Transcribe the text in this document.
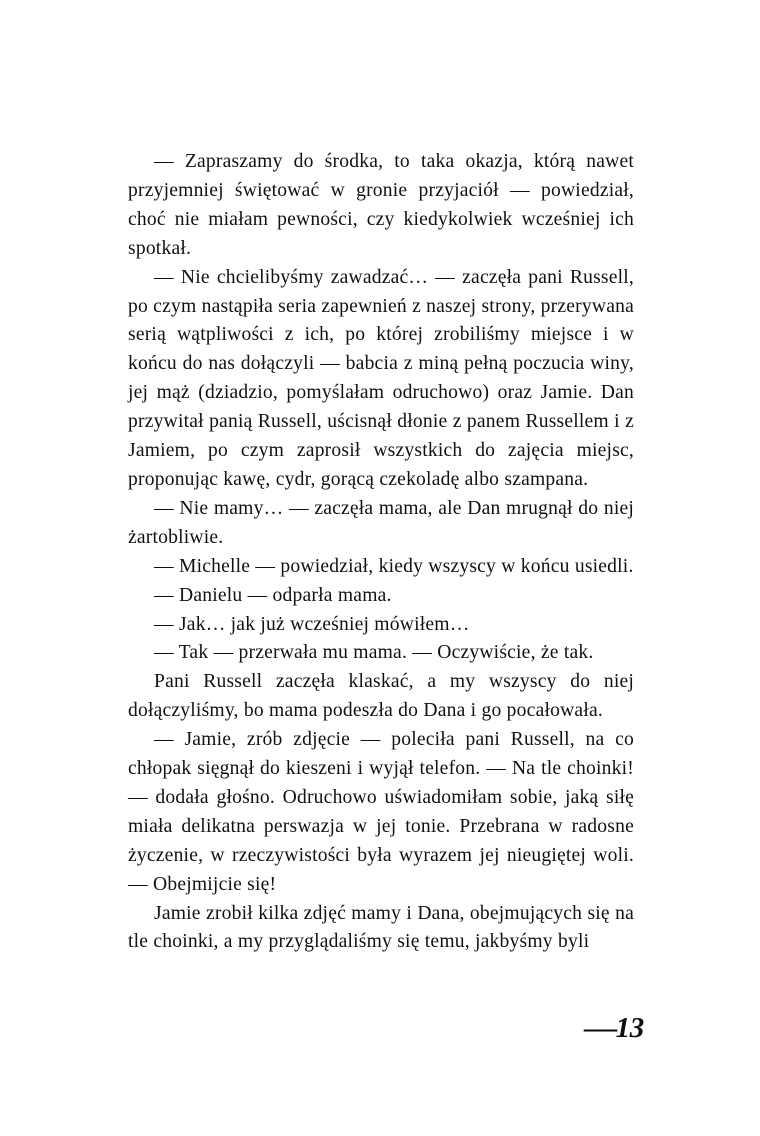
— Zapraszamy do środka, to taka okazja, którą nawet przyjemniej świętować w gronie przyjaciół — powiedział, choć nie miałam pewności, czy kiedykolwiek wcześniej ich spotkał.

— Nie chcielibyśmy zawadzać… — zaczęła pani Russell, po czym nastąpiła seria zapewnień z naszej strony, przerywana serią wątpliwości z ich, po której zrobiliśmy miejsce i w końcu do nas dołączyli — babcia z miną pełną poczucia winy, jej mąż (dziadzio, pomyślałam odruchowo) oraz Jamie. Dan przywitał panią Russell, uścisnął dłonie z panem Russellem i z Jamiem, po czym zaprosił wszystkich do zajęcia miejsc, proponując kawę, cydr, gorącą czekoladę albo szampana.

— Nie mamy… — zaczęła mama, ale Dan mrugnął do niej żartobliwie.

— Michelle — powiedział, kiedy wszyscy w końcu usiedli.

— Danielu — odparła mama.

— Jak… jak już wcześniej mówiłem…

— Tak — przerwała mu mama. — Oczywiście, że tak.

Pani Russell zaczęła klaskać, a my wszyscy do niej dołączyliśmy, bo mama podeszła do Dana i go pocałowała.

— Jamie, zrób zdjęcie — poleciła pani Russell, na co chłopak sięgnął do kieszeni i wyjął telefon. — Na tle choinki! — dodała głośno. Odruchowo uświadomiłam sobie, jaką siłę miała delikatna perswazja w jej tonie. Przebrana w radosne życzenie, w rzeczywistości była wyrazem jej nieugiętej woli. — Obejmijcie się!

Jamie zrobił kilka zdjęć mamy i Dana, obejmujących się na tle choinki, a my przyglądaliśmy się temu, jakbyśmy byli

—13
